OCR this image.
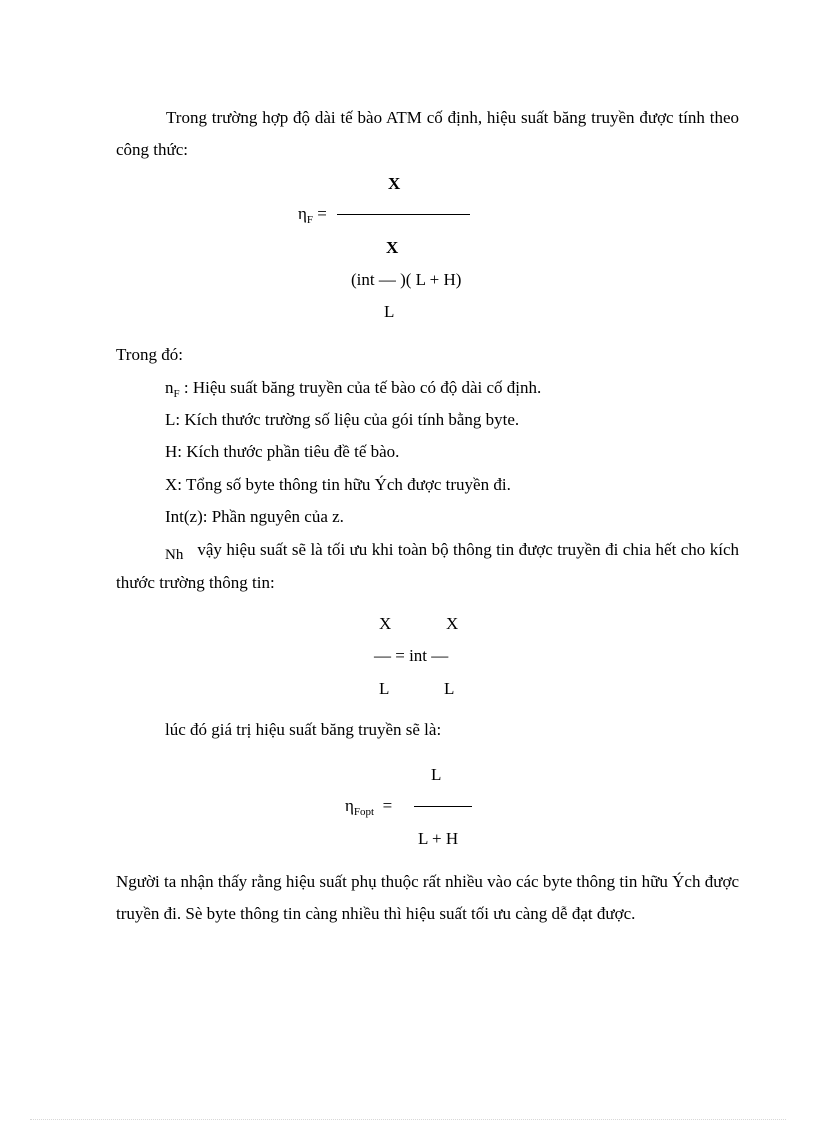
Trong trường hợp độ dài tế bào ATM cố định, hiệu suất băng truyền được tính theo công thức:
X
$\eta_F$ =
X
(int — )( L + H)
L
Trong đó:
$n_F$ : Hiệu suất băng truyền của tế bào có độ dài cố định.
L: Kích thước trường số liệu của gói tính bằng byte.
H: Kích thước phần tiêu đề tế bào.
X: Tổng số byte thông tin hữu Ých được truyền đi.
Int(z): Phần nguyên của z.
Nh vậy hiệu suất sẽ là tối ưu khi toàn bộ thông tin được truyền đi chia hết cho kích thước trường thông tin:
X	X
— = int —
L	L
lúc đó giá trị hiệu suất băng truyền sẽ là:
L
$\eta_{Fopt}$ =
L + H
Người ta nhận thấy rằng hiệu suất phụ thuộc rất nhiều vào các byte thông tin hữu Ých được truyền đi. Sè byte thông tin càng nhiều thì hiệu suất tối ưu càng dễ đạt được.
